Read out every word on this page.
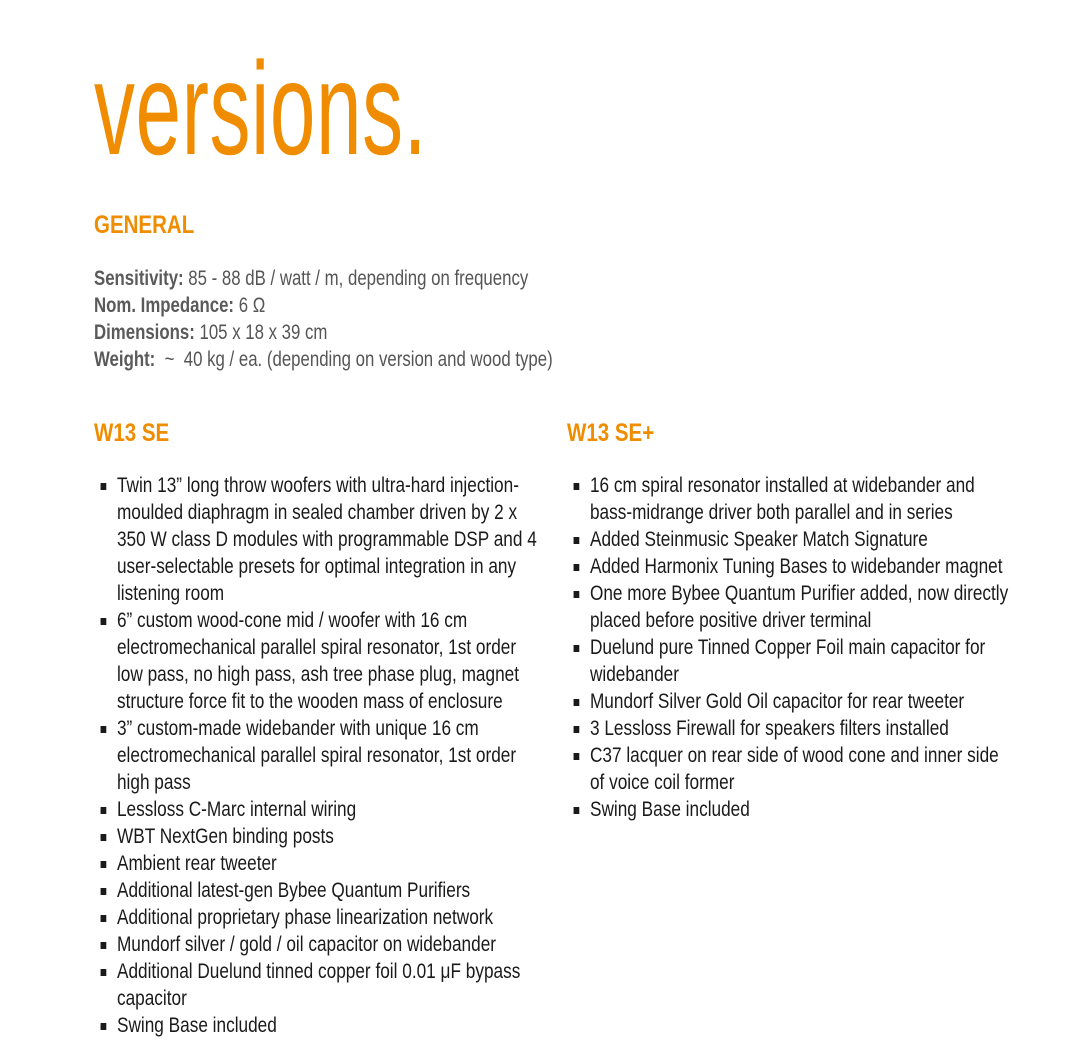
versions.
GENERAL
Sensitivity: 85 - 88 dB / watt / m, depending on frequency
Nom. Impedance: 6 Ω
Dimensions: 105 x 18 x 39 cm
Weight:  ~  40 kg / ea. (depending on version and wood type)
W13 SE	W13 SE+
Twin 13” long throw woofers with ultra-hard injection-moulded diaphragm in sealed chamber driven by 2 x 350 W class D modules with programmable DSP and 4 user-selectable presets for optimal integration in any listening room
6” custom wood-cone mid / woofer with 16 cm electromechanical parallel spiral resonator, 1st order low pass, no high pass, ash tree phase plug, magnet structure force fit to the wooden mass of enclosure
3” custom-made widebander with unique 16 cm electromechanical parallel spiral resonator, 1st order high pass
Lessloss C-Marc internal wiring
WBT NextGen binding posts
Ambient rear tweeter
Additional latest-gen Bybee Quantum Purifiers
Additional proprietary phase linearization network
Mundorf silver / gold / oil capacitor on widebander
Additional Duelund tinned copper foil 0.01 μF bypass capacitor
Swing Base included
16 cm spiral resonator installed at widebander and bass-midrange driver both parallel and in series
Added Steinmusic Speaker Match Signature
Added Harmonix Tuning Bases to widebander magnet
One more Bybee Quantum Purifier added, now directly placed before positive driver terminal
Duelund pure Tinned Copper Foil main capacitor for widebander
Mundorf Silver Gold Oil capacitor for rear tweeter
3 Lessloss Firewall for speakers filters installed
C37 lacquer on rear side of wood cone and inner side of voice coil former
Swing Base included
